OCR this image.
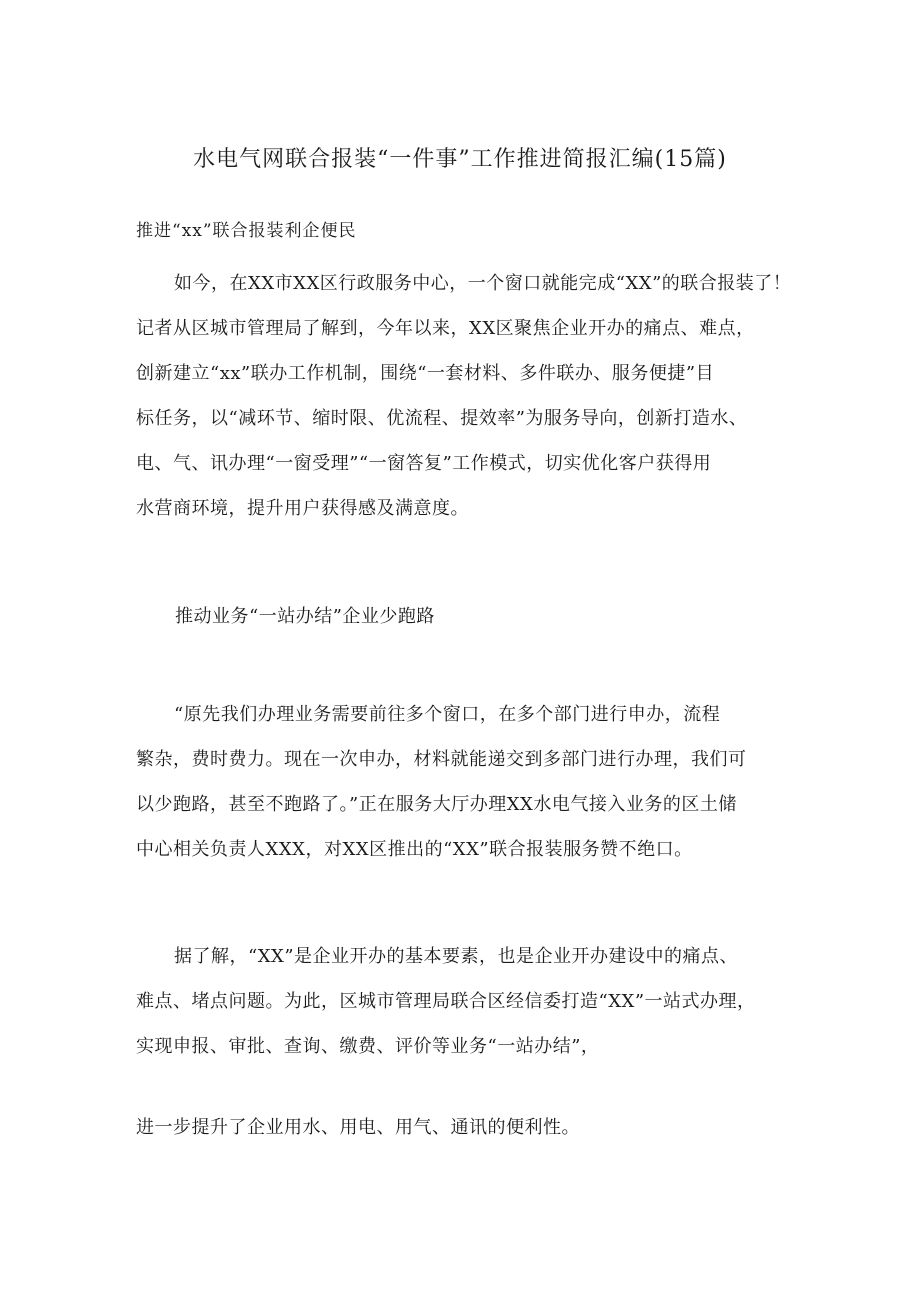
水电气网联合报装“一件事”工作推进简报汇编(15篇)
推进“xx”联合报装利企便民
如今，在XX市XX区行政服务中心，一个窗口就能完成“XX”的联合报装了！
记者从区城市管理局了解到，今年以来，XX区聚焦企业开办的痛点、难点，
创新建立“xx”联办工作机制，围绕“一套材料、多件联办、服务便捷”目
标任务，以“减环节、缩时限、优流程、提效率”为服务导向，创新打造水、
电、气、讯办理“一窗受理”“一窗答复”工作模式，切实优化客户获得用
水营商环境，提升用户获得感及满意度。
推动业务“一站办结”企业少跑路
“原先我们办理业务需要前往多个窗口，在多个部门进行申办，流程
繁杂，费时费力。现在一次申办，材料就能递交到多部门进行办理，我们可
以少跑路，甚至不跑路了。”正在服务大厅办理XX水电气接入业务的区土储
中心相关负责人XXX，对XX区推出的“XX”联合报装服务赞不绝口。
据了解，“XX”是企业开办的基本要素，也是企业开办建设中的痛点、
难点、堵点问题。为此，区城市管理局联合区经信委打造“XX”一站式办理，
实现申报、审批、查询、缴费、评价等业务“一站办结”，
进一步提升了企业用水、用电、用气、通讯的便利性。
